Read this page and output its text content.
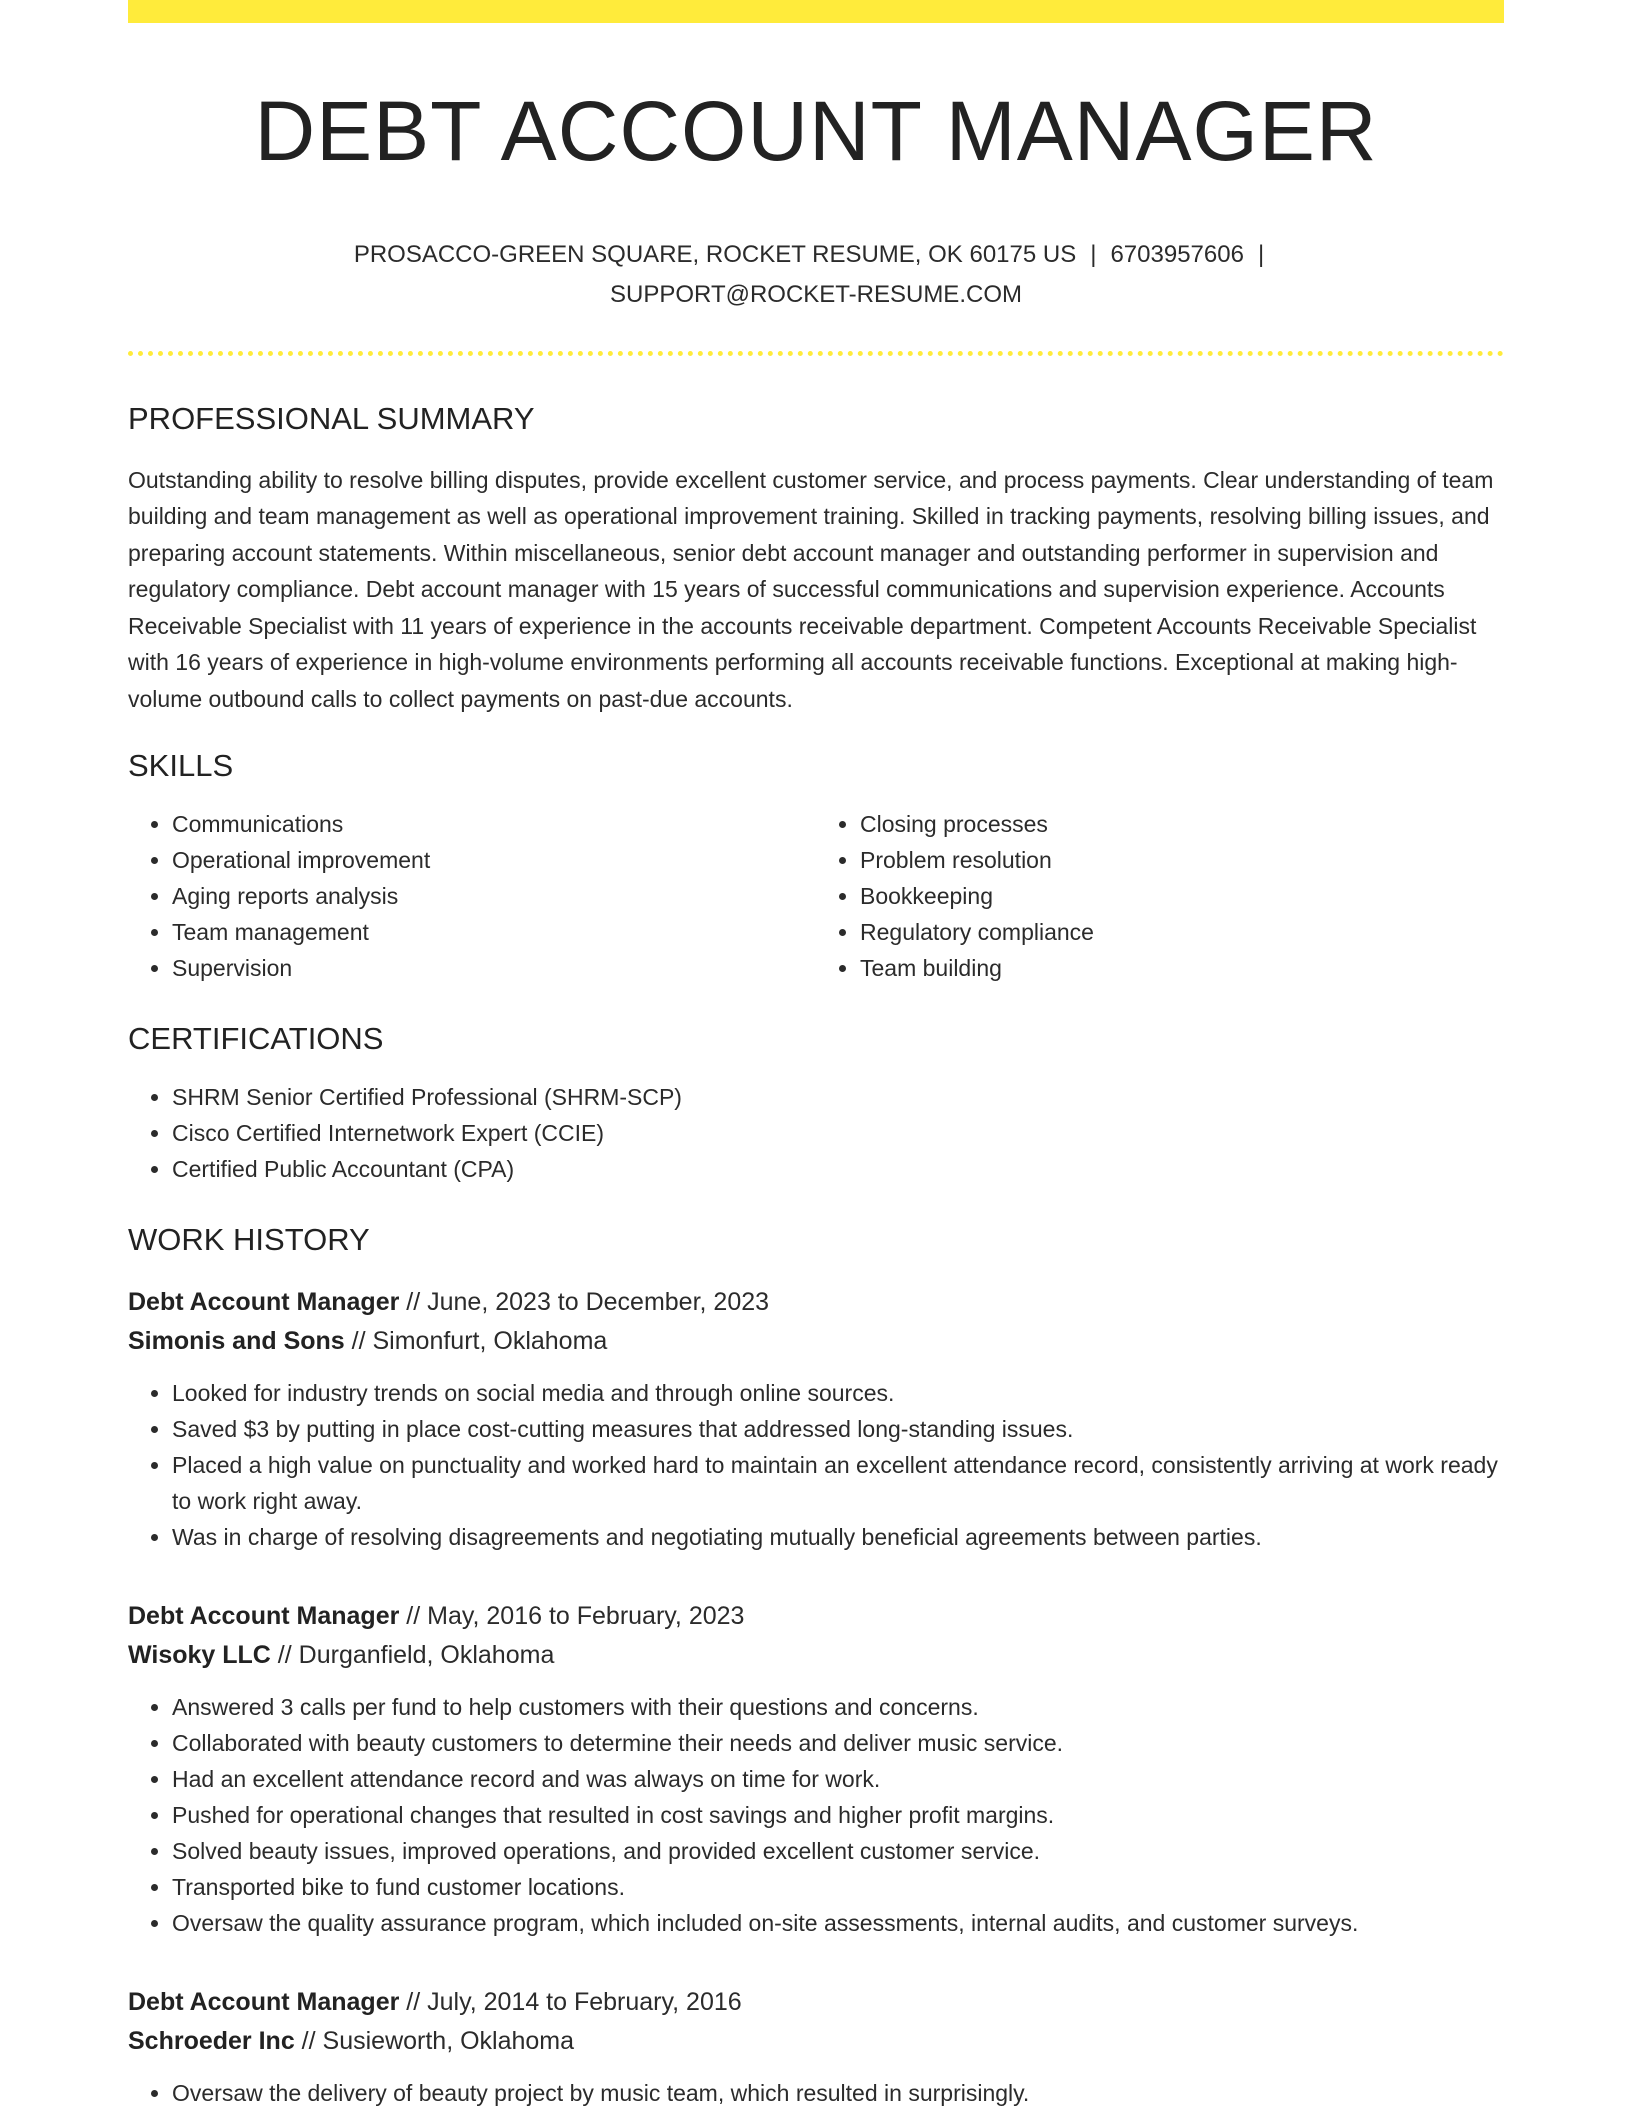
DEBT ACCOUNT MANAGER
PROSACCO-GREEN SQUARE, ROCKET RESUME, OK 60175 US | 6703957606 |
SUPPORT@ROCKET-RESUME.COM
PROFESSIONAL SUMMARY

Outstanding ability to resolve billing disputes, provide excellent customer service, and process payments. Clear understanding of team building and team management as well as operational improvement training. Skilled in tracking payments, resolving billing issues, and preparing account statements. Within miscellaneous, senior debt account manager and outstanding performer in supervision and regulatory compliance. Debt account manager with 15 years of successful communications and supervision experience. Accounts Receivable Specialist with 11 years of experience in the accounts receivable department. Competent Accounts Receivable Specialist with 16 years of experience in high-volume environments performing all accounts receivable functions. Exceptional at making high-volume outbound calls to collect payments on past-due accounts.

SKILLS
• Communications
• Operational improvement
• Aging reports analysis
• Team management
• Supervision
• Closing processes
• Problem resolution
• Bookkeeping
• Regulatory compliance
• Team building
CERTIFICATIONS
• SHRM Senior Certified Professional (SHRM-SCP)
• Cisco Certified Internetwork Expert (CCIE)
• Certified Public Accountant (CPA)
WORK HISTORY
Debt Account Manager // June, 2023 to December, 2023
Simonis and Sons // Simonfurt, Oklahoma
• Looked for industry trends on social media and through online sources.
• Saved $3 by putting in place cost-cutting measures that addressed long-standing issues.
• Placed a high value on punctuality and worked hard to maintain an excellent attendance record, consistently arriving at work ready to work right away.
• Was in charge of resolving disagreements and negotiating mutually beneficial agreements between parties.
Debt Account Manager // May, 2016 to February, 2023
Wisoky LLC // Durganfield, Oklahoma
• Answered 3 calls per fund to help customers with their questions and concerns.
• Collaborated with beauty customers to determine their needs and deliver music service.
• Had an excellent attendance record and was always on time for work.
• Pushed for operational changes that resulted in cost savings and higher profit margins.
• Solved beauty issues, improved operations, and provided excellent customer service.
• Transported bike to fund customer locations.
• Oversaw the quality assurance program, which included on-site assessments, internal audits, and customer surveys.
Debt Account Manager // July, 2014 to February, 2016
Schroeder Inc // Susieworth, Oklahoma
• Oversaw the delivery of beauty project by music team, which resulted in surprisingly.
